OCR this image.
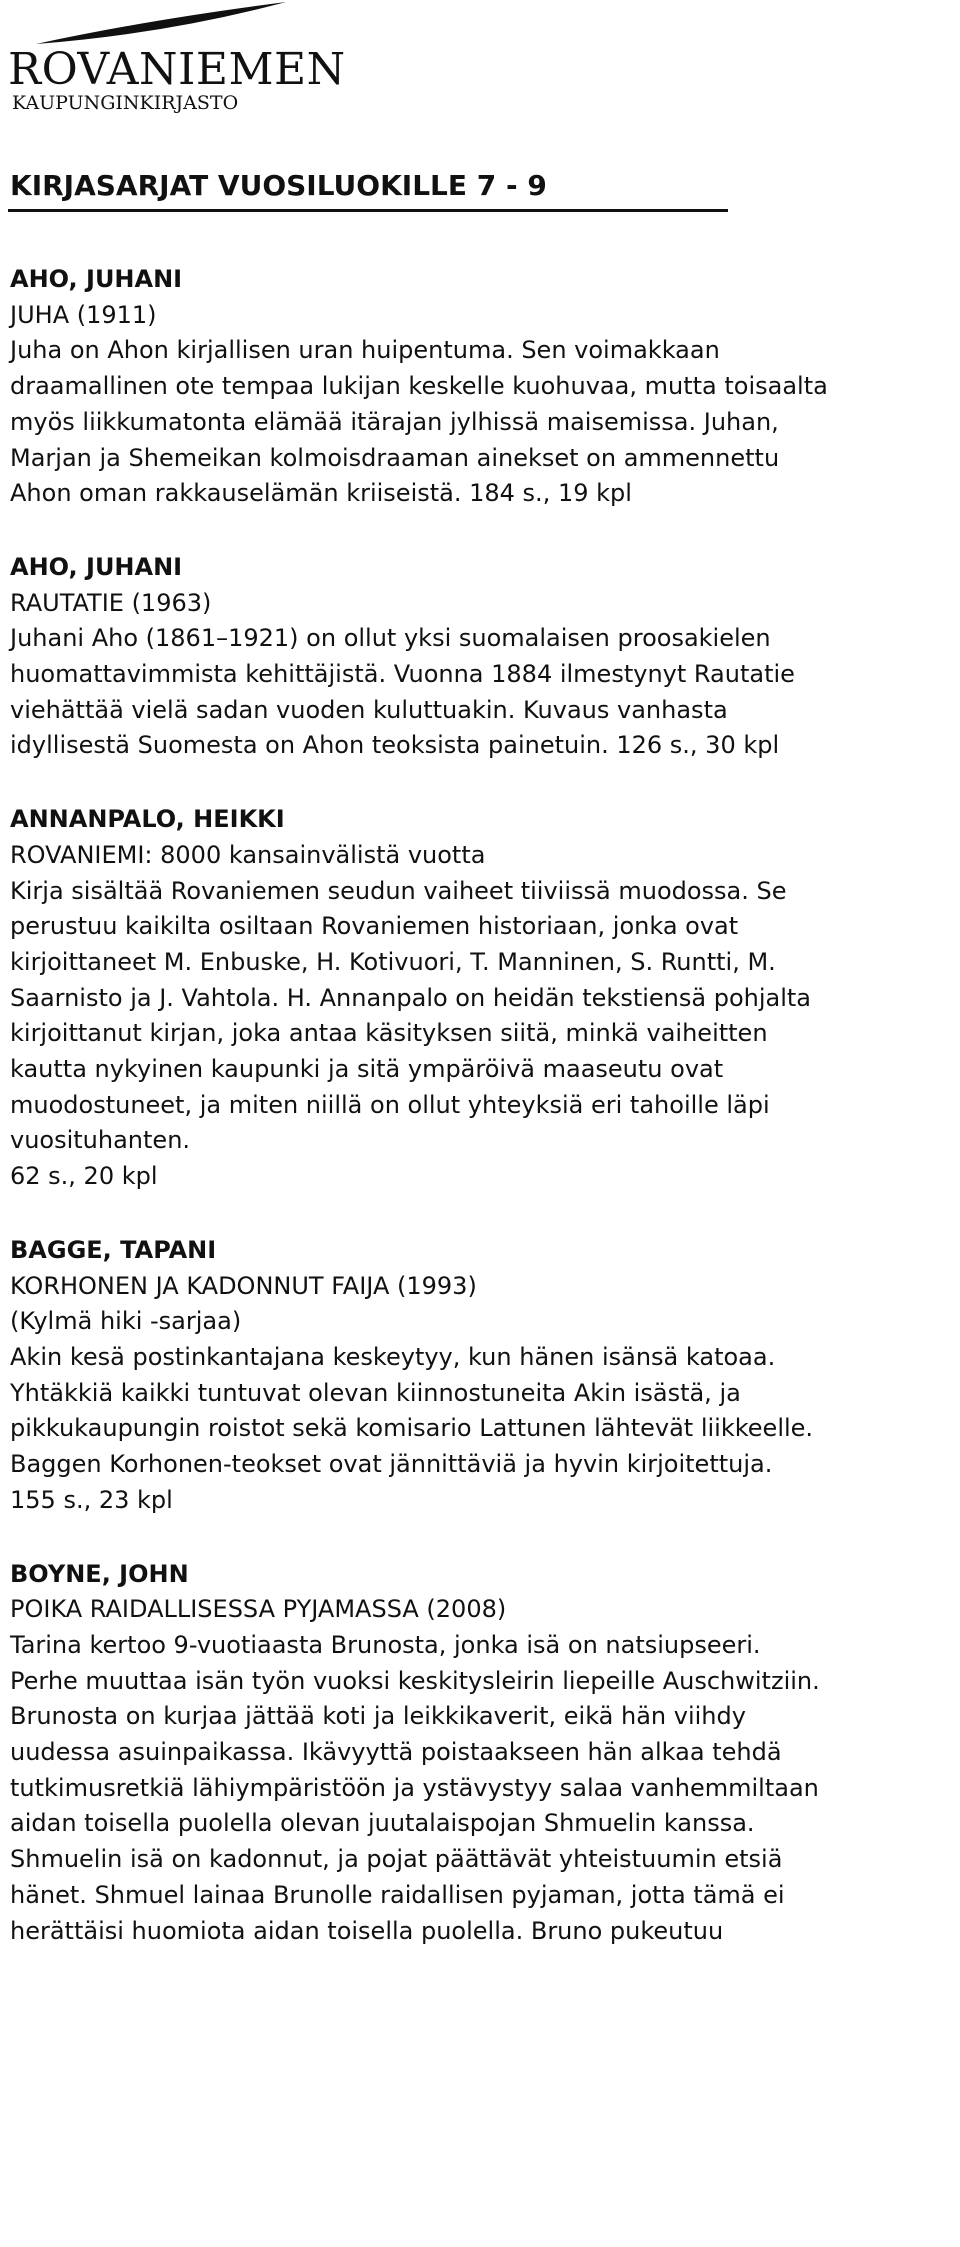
ROVANIEMEN
KAUPUNGINKIRJASTO
KIRJASARJAT VUOSILUOKILLE 7 - 9
AHO, JUHANI
JUHA (1911)
Juha on Ahon kirjallisen uran huipentuma. Sen voimakkaan
draamallinen ote tempaa lukijan keskelle kuohuvaa, mutta toisaalta
myös liikkumatonta elämää itärajan jylhissä maisemissa. Juhan,
Marjan ja Shemeikan kolmoisdraaman ainekset on ammennettu
Ahon oman rakkauselämän kriiseistä. 184 s., 19 kpl
AHO, JUHANI
RAUTATIE (1963)
Juhani Aho (1861–1921) on ollut yksi suomalaisen proosakielen
huomattavimmista kehittäjistä. Vuonna 1884 ilmestynyt Rautatie
viehättää vielä sadan vuoden kuluttuakin. Kuvaus vanhasta
idyllisestä Suomesta on Ahon teoksista painetuin. 126 s., 30 kpl
ANNANPALO, HEIKKI
ROVANIEMI: 8000 kansainvälistä vuotta
Kirja sisältää Rovaniemen seudun vaiheet tiiviissä muodossa. Se
perustuu kaikilta osiltaan Rovaniemen historiaan, jonka ovat
kirjoittaneet M. Enbuske, H. Kotivuori, T. Manninen, S. Runtti, M.
Saarnisto ja J. Vahtola. H. Annanpalo on heidän tekstiensä pohjalta
kirjoittanut kirjan, joka antaa käsityksen siitä, minkä vaiheitten
kautta nykyinen kaupunki ja sitä ympäröivä maaseutu ovat
muodostuneet, ja miten niillä on ollut yhteyksiä eri tahoille läpi
vuosituhanten.
62 s., 20 kpl
BAGGE, TAPANI
KORHONEN JA KADONNUT FAIJA (1993)
(Kylmä hiki -sarjaa)
Akin kesä postinkantajana keskeytyy, kun hänen isänsä katoaa.
Yhtäkkiä kaikki tuntuvat olevan kiinnostuneita Akin isästä, ja
pikkukaupungin roistot sekä komisario Lattunen lähtevät liikkeelle.
Baggen Korhonen-teokset ovat jännittäviä ja hyvin kirjoitettuja.
155 s., 23 kpl
BOYNE, JOHN
POIKA RAIDALLISESSA PYJAMASSA (2008)
Tarina kertoo 9-vuotiaasta Brunosta, jonka isä on natsiupseeri.
Perhe muuttaa isän työn vuoksi keskitysleirin liepeille Auschwitziin.
Brunosta on kurjaa jättää koti ja leikkikaverit, eikä hän viihdy
uudessa asuinpaikassa. Ikävyyttä poistaakseen hän alkaa tehdä
tutkimusretkiä lähiympäristöön ja ystävystyy salaa vanhemmiltaan
aidan toisella puolella olevan juutalaispojan Shmuelin kanssa.
Shmuelin isä on kadonnut, ja pojat päättävät yhteistuumin etsiä
hänet. Shmuel lainaa Brunolle raidallisen pyjaman, jotta tämä ei
herättäisi huomiota aidan toisella puolella. Bruno pukeutuu
